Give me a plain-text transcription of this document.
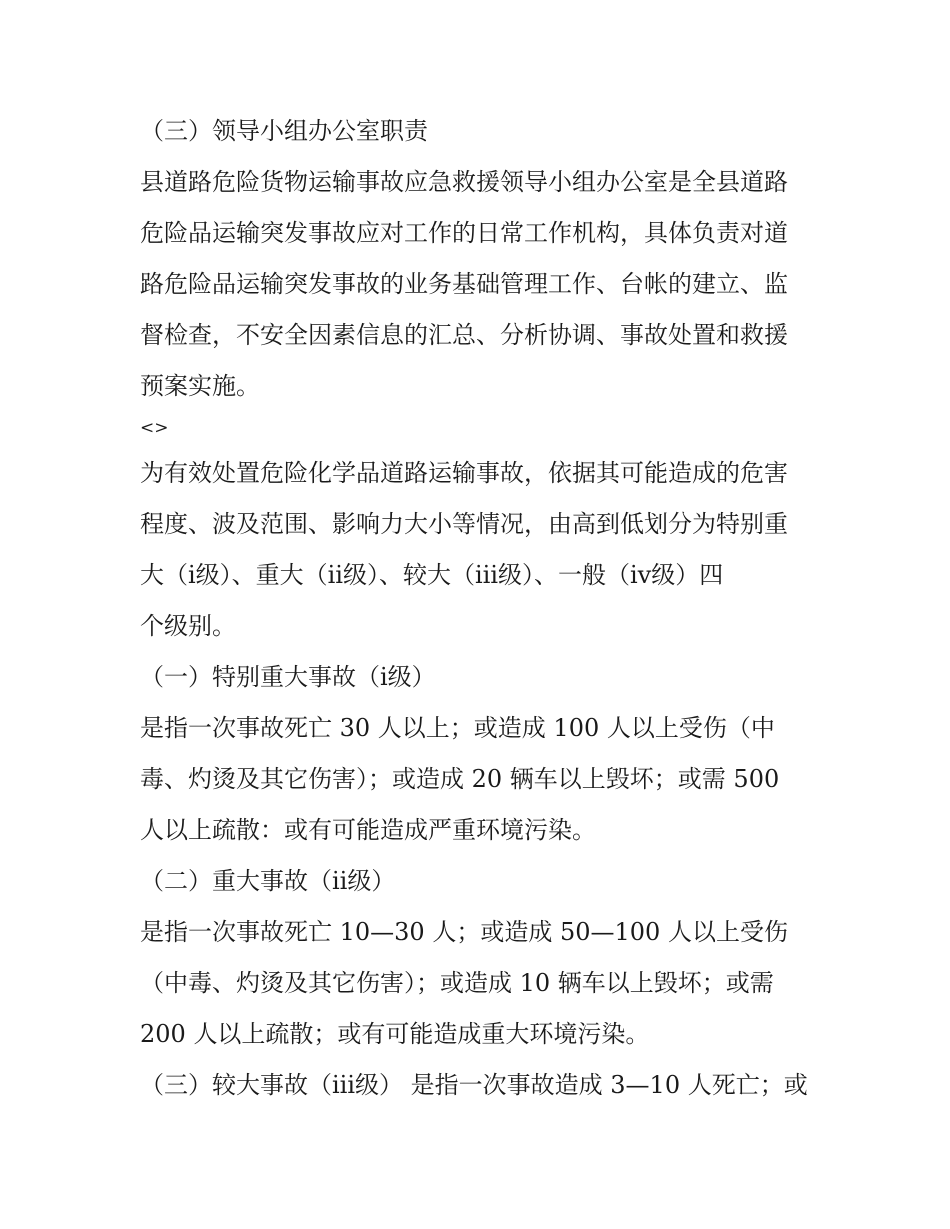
（三）领导小组办公室职责
县道路危险货物运输事故应急救援领导小组办公室是全县道路
危险品运输突发事故应对工作的日常工作机构，具体负责对道
路危险品运输突发事故的业务基础管理工作、台帐的建立、监
督检查，不安全因素信息的汇总、分析协调、事故处置和救援
预案实施。
<>
为有效处置危险化学品道路运输事故，依据其可能造成的危害
程度、波及范围、影响力大小等情况，由高到低划分为特别重
大（ⅰ级）、重大（ⅱ级）、较大（ⅲ级）、一般（ⅳ级）四
个级别。
（一）特别重大事故（ⅰ级）
是指一次事故死亡 30 人以上；或造成 100 人以上受伤（中
毒、灼烫及其它伤害）；或造成 20 辆车以上毁坏；或需 500
人以上疏散：或有可能造成严重环境污染。
（二）重大事故（ⅱ级）
是指一次事故死亡 10—30 人；或造成 50—100 人以上受伤
（中毒、灼烫及其它伤害）；或造成 10 辆车以上毁坏；或需
200 人以上疏散；或有可能造成重大环境污染。
（三）较大事故（ⅲ级） 是指一次事故造成 3—10 人死亡；或
